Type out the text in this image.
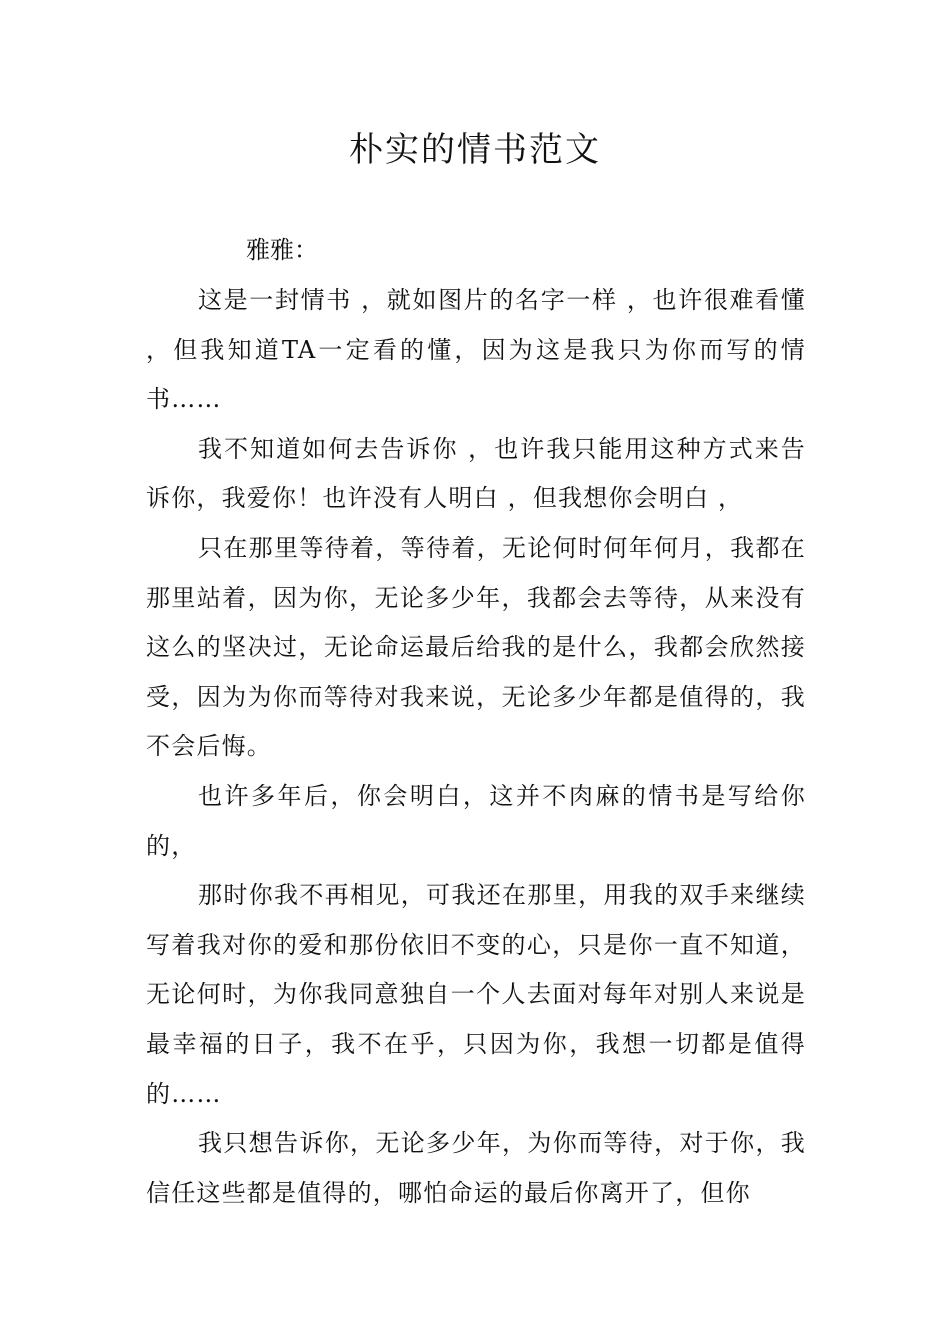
朴实的情书范文

雅雅：

这是一封情书 ，就如图片的名字一样 ，也许很难看懂 ，但我知道TA一定看的懂，因为这是我只为你而写的情书……

我不知道如何去告诉你 ，也许我只能用这种方式来告诉你，我爱你！也许没有人明白 ，但我想你会明白 ，

只在那里等待着，等待着，无论何时何年何月，我都在那里站着，因为你，无论多少年，我都会去等待，从来没有这么的坚决过，无论命运最后给我的是什么，我都会欣然接受，因为为你而等待对我来说，无论多少年都是值得的，我不会后悔。

也许多年后，你会明白，这并不肉麻的情书是写给你的，

那时你我不再相见，可我还在那里，用我的双手来继续写着我对你的爱和那份依旧不变的心，只是你一直不知道，无论何时，为你我同意独自一个人去面对每年对别人来说是最幸福的日子，我不在乎，只因为你，我想一切都是值得的……

我只想告诉你，无论多少年，为你而等待，对于你，我信任这些都是值得的，哪怕命运的最后你离开了，但你
